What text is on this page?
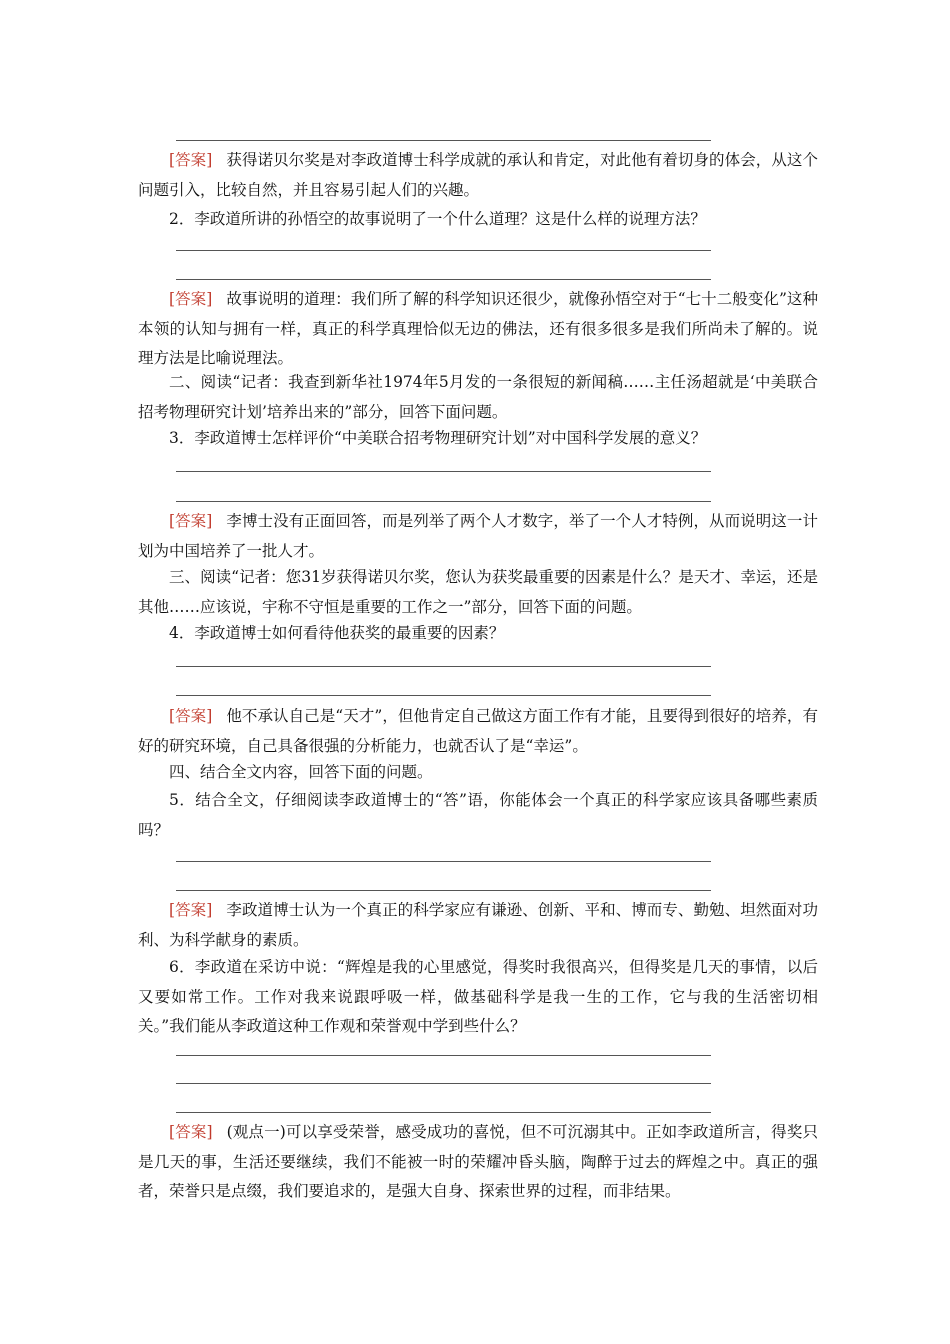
[答案] 获得诺贝尔奖是对李政道博士科学成就的承认和肯定，对此他有着切身的体会，从这个问题引入，比较自然，并且容易引起人们的兴趣。

2．李政道所讲的孙悟空的故事说明了一个什么道理？这是什么样的说理方法？

[答案] 故事说明的道理：我们所了解的科学知识还很少，就像孙悟空对于“七十二般变化”这种本领的认知与拥有一样，真正的科学真理恰似无边的佛法，还有很多很多是我们所尚未了解的。说理方法是比喻说理法。

二、阅读“记者：我查到新华社1974年5月发的一条很短的新闻稿……主任汤超就是‘中美联合招考物理研究计划’培养出来的”部分，回答下面问题。

3．李政道博士怎样评价“中美联合招考物理研究计划”对中国科学发展的意义？

[答案] 李博士没有正面回答，而是列举了两个人才数字，举了一个人才特例，从而说明这一计划为中国培养了一批人才。

三、阅读“记者：您31岁获得诺贝尔奖，您认为获奖最重要的因素是什么？是天才、幸运，还是其他……应该说，宇称不守恒是重要的工作之一”部分，回答下面的问题。

4．李政道博士如何看待他获奖的最重要的因素？

[答案] 他不承认自己是“天才”，但他肯定自己做这方面工作有才能，且要得到很好的培养，有好的研究环境，自己具备很强的分析能力，也就否认了是“幸运”。

四、结合全文内容，回答下面的问题。

5．结合全文，仔细阅读李政道博士的“答”语，你能体会一个真正的科学家应该具备哪些素质吗？

[答案] 李政道博士认为一个真正的科学家应有谦逊、创新、平和、博而专、勤勉、坦然面对功利、为科学献身的素质。

6．李政道在采访中说：“辉煌是我的心里感觉，得奖时我很高兴，但得奖是几天的事情，以后又要如常工作。工作对我来说跟呼吸一样，做基础科学是我一生的工作，它与我的生活密切相关。”我们能从李政道这种工作观和荣誉观中学到些什么？

[答案] (观点一)可以享受荣誉，感受成功的喜悦，但不可沉溺其中。正如李政道所言，得奖只是几天的事，生活还要继续，我们不能被一时的荣耀冲昏头脑，陶醉于过去的辉煌之中。真正的强者，荣誉只是点缀，我们要追求的，是强大自身、探索世界的过程，而非结果。
